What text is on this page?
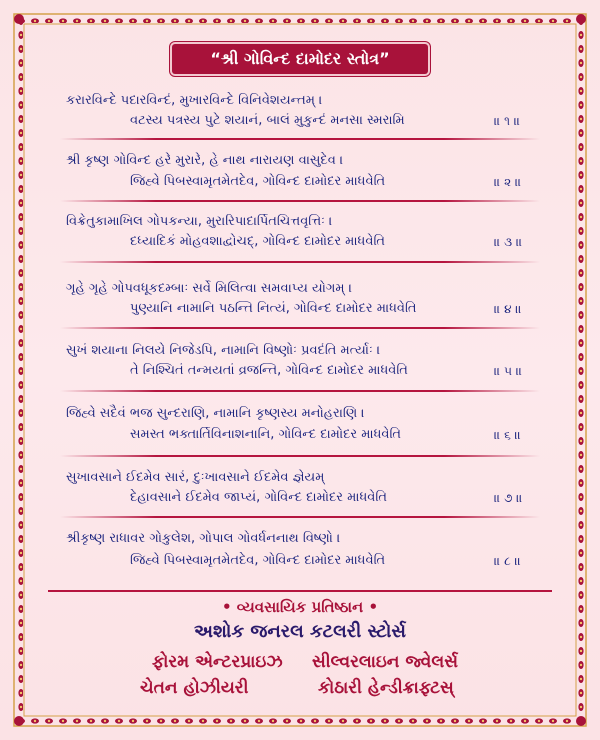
“શ્રી ગોવિન્દ દામોદર સ્તોત્ર”
કરારવિન્દે પદારવિન્દં, મુખારવિન્દે વિનિવેશયન્તમ્ ।
વટસ્ય પત્રસ્ય પુટે શયાનં, બાલં મુકુન્દં મનસા સ્મરામિ	॥ ૧ ॥
શ્રી કૃષ્ણ ગોવિન્દ હરે મુરારે, હે નાથ નારાયણ વાસુદેવ ।
જિહ્વે પિબસ્વામૃતમેતદેવ, ગોવિન્દ દામોદર માધવેતિ	॥ ૨ ॥
વિક્રેતુકામાખિલ ગોપકન્યા, મુરારિપાદાર્પિતચિત્તવૃત્તિઃ ।
દધ્યાદિકં મોહવશાદ્વોચદ્, ગોવિન્દ દામોદર માધવેતિ	॥ ૩ ॥
ગૃહે ગૃહે ગોપવધૂકદમ્બાઃ સર્વે મિલિત્વા સમવાપ્ય યોગમ્ ।
પુણ્યાનિ નામાનિ પઠન્તિ નિત્યં, ગોવિન્દ દામોદર માધવેતિ	॥ ૪ ॥
સુખં શયાના નિલયે નિજેડપિ, નામાનિ વિષ્ણોઃ પ્રવદંતિ મર્ત્યાઃ ।
તે નિશ્ચિતં તન્મયતાં વ્રજન્તિ, ગોવિન્દ દામોદર માધવેતિ	॥ ૫ ॥
જિહ્વે સદૈવં ભજ સુન્દરાણિ, નામાનિ કૃષ્ણસ્ય મનોહરાણિ ।
સમસ્ત ભક્તાર્તિવિનાશનાનિ, ગોવિન્દ દામોદર માધવેતિ	॥ ૬ ॥
સુખાવસાને ઈદમેવ સારં, દુઃખાવસાને ઈદમેવ જ્ઞેયમ્
દેહાવસાને ઈદમેવ જાપ્યં, ગોવિન્દ દામોદર માધવેતિ	॥ ૭ ॥
શ્રીકૃષ્ણ રાધાવર ગોકુલેશ, ગોપાલ ગોવર્ધનનાથ વિષ્ણો ।
જિહ્વે પિબસ્વામૃતમેતદેવ, ગોવિન્દ દામોદર માધવેતિ	॥ ૮ ॥
• વ્યવસાયિક પ્રતિષ્ઠાન •
અશોક જનરલ કટલરી સ્ટોર્સ
ફોરમ એન્ટરપ્રાઇઝ સીલ્વરલાઇન જ્વેલર્સ
ચેતન હોઝીયરી	કોઠારી હેન્ડીક્રાફ્ટસ્
